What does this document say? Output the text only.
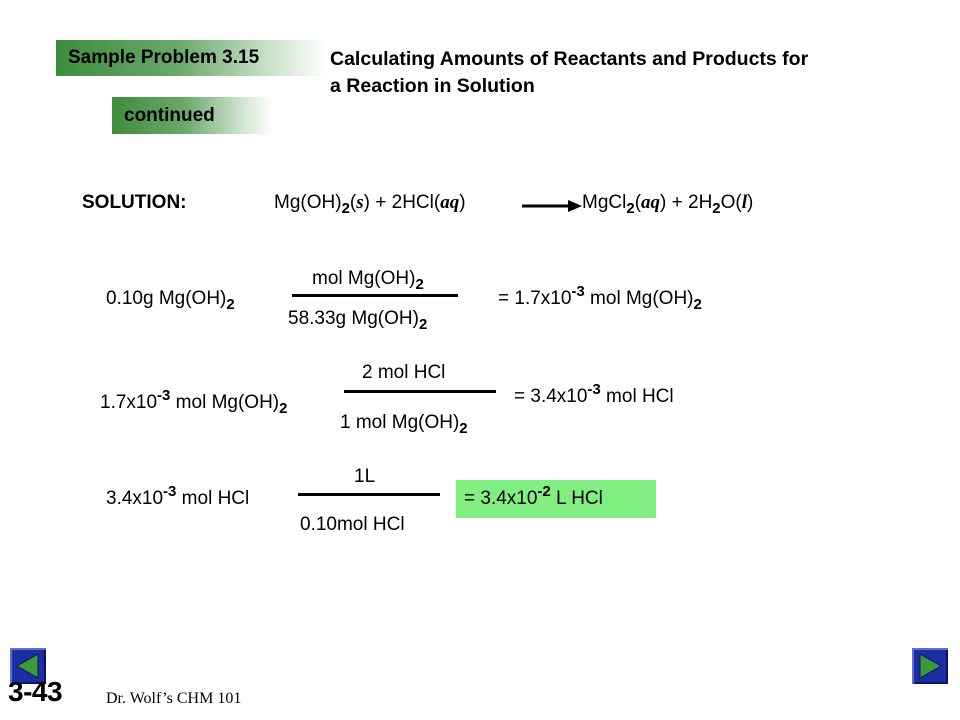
Sample Problem 3.15
continued
Calculating Amounts of Reactants and Products for
a Reaction in Solution
SOLUTION:	$Mg(OH)_2(s) + 2HCl(aq)$	→ MgCl$_2$(aq) + $2H_2O(l)$
0.10g $Mg(OH)_2$
mol $Mg(OH)_2$
58.33g $Mg(OH)_2$
= $1.7x10^{-3}$ mol $Mg(OH)_2$
$1.7x10^{-3}$ mol $Mg(OH)_2$
2 mol HCl
1 mol $Mg(OH)_2$
= $3.4x10^{-3}$ mol HCl
$3.4x10^{-3}$ mol HCl
1L
0.10mol HCl
= $3.4x10^{-2}$ L HCl
3-43	Dr. Wolf’s CHM 101
